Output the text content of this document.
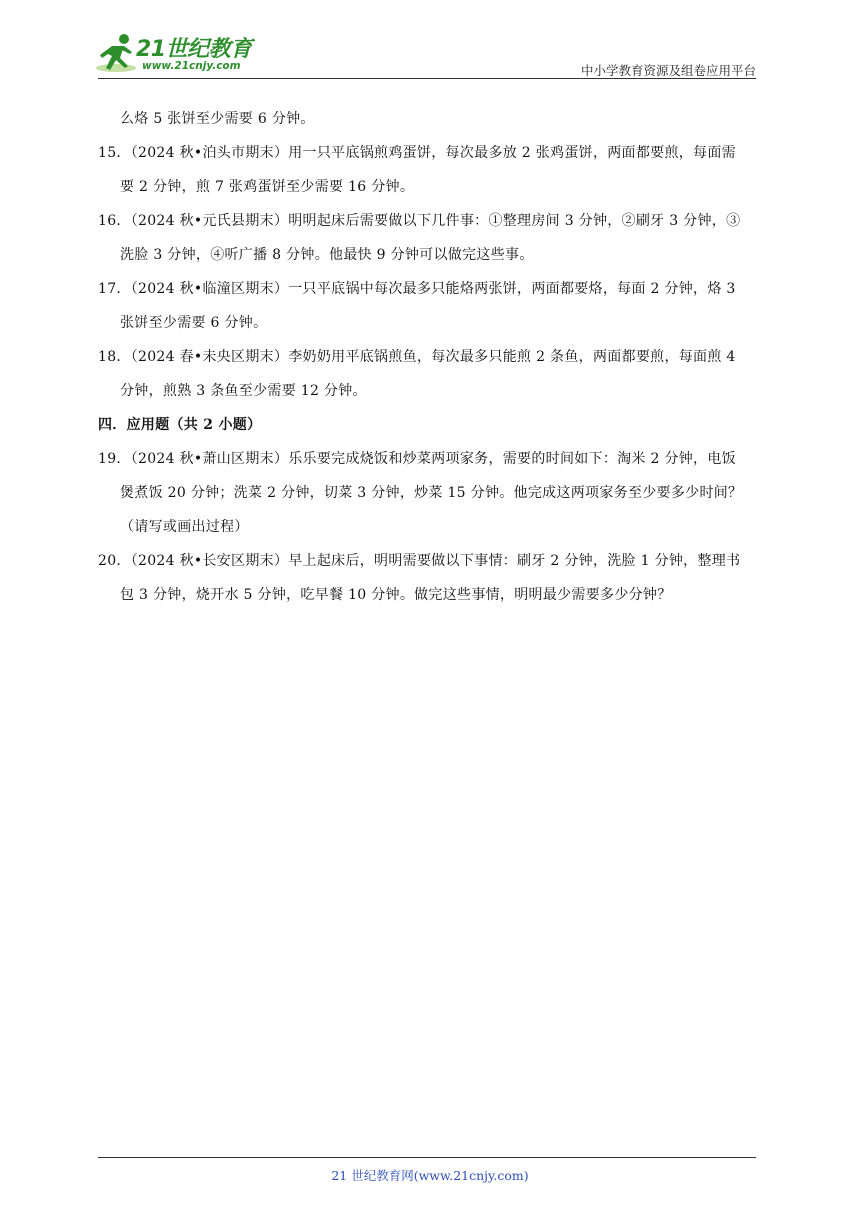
21世纪教育
www.21cnjy.com	中小学教育资源及组卷应用平台
么烙 5 张饼至少需要 6 分钟。
15．（2024 秋•泊头市期末）用一只平底锅煎鸡蛋饼，每次最多放 2 张鸡蛋饼，两面都要煎，每面需
要 2 分钟，煎 7 张鸡蛋饼至少需要 16 分钟。
16．（2024 秋•元氏县期末）明明起床后需要做以下几件事：①整理房间 3 分钟，②刷牙 3 分钟，③
洗脸 3 分钟，④听广播 8 分钟。他最快 9 分钟可以做完这些事。
17．（2024 秋•临潼区期末）一只平底锅中每次最多只能烙两张饼，两面都要烙，每面 2 分钟，烙 3
张饼至少需要 6 分钟。
18．（2024 春•未央区期末）李奶奶用平底锅煎鱼，每次最多只能煎 2 条鱼，两面都要煎，每面煎 4
分钟，煎熟 3 条鱼至少需要 12 分钟。
四．应用题（共 2 小题）
19．（2024 秋•萧山区期末）乐乐要完成烧饭和炒菜两项家务，需要的时间如下：淘米 2 分钟，电饭
煲煮饭 20 分钟；洗菜 2 分钟，切菜 3 分钟，炒菜 15 分钟。他完成这两项家务至少要多少时间？
（请写或画出过程）
20．（2024 秋•长安区期末）早上起床后，明明需要做以下事情：刷牙 2 分钟，洗脸 1 分钟，整理书
包 3 分钟，烧开水 5 分钟，吃早餐 10 分钟。做完这些事情，明明最少需要多少分钟？
21 世纪教育网(www.21cnjy.com)
